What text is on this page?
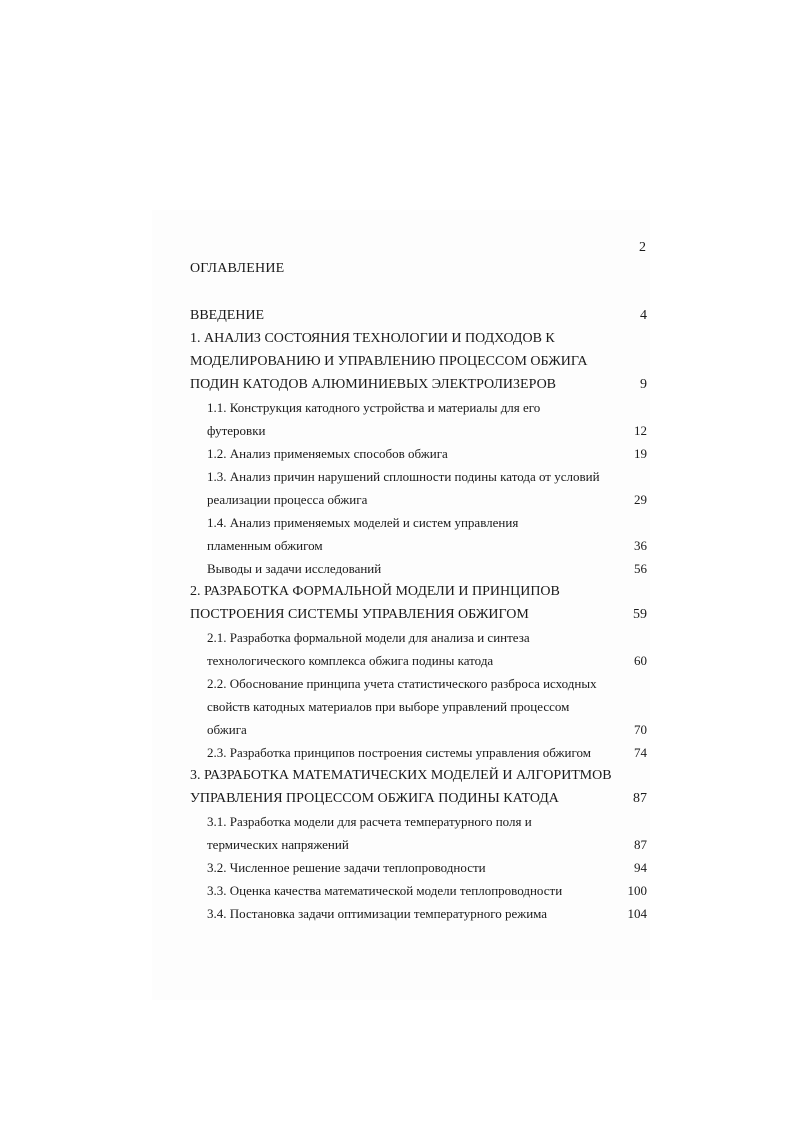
2
ОГЛАВЛЕНИЕ
ВВЕДЕНИЕ	4
1. АНАЛИЗ СОСТОЯНИЯ ТЕХНОЛОГИИ И ПОДХОДОВ К
МОДЕЛИРОВАНИЮ И УПРАВЛЕНИЮ ПРОЦЕССОМ ОБЖИГА
ПОДИН КАТОДОВ АЛЮМИНИЕВЫХ ЭЛЕКТРОЛИЗЕРОВ	9
1.1. Конструкция катодного устройства и материалы для его
футеровки	12
1.2. Анализ применяемых способов обжига	19
1.3. Анализ причин нарушений сплошности подины катода от условий
реализации процесса обжига	29
1.4. Анализ применяемых моделей и систем управления
пламенным обжигом	36
Выводы и задачи исследований	56
2. РАЗРАБОТКА ФОРМАЛЬНОЙ МОДЕЛИ И ПРИНЦИПОВ
ПОСТРОЕНИЯ СИСТЕМЫ УПРАВЛЕНИЯ ОБЖИГОМ	59
2.1. Разработка формальной модели для анализа и синтеза
технологического комплекса обжига подины катода	60
2.2. Обоснование принципа учета статистического разброса исходных
свойств катодных материалов при выборе управлений процессом
обжига	70
2.3. Разработка принципов построения системы управления обжигом	74
3. РАЗРАБОТКА МАТЕМАТИЧЕСКИХ МОДЕЛЕЙ И АЛГОРИТМОВ
УПРАВЛЕНИЯ ПРОЦЕССОМ ОБЖИГА ПОДИНЫ КАТОДА	87
3.1. Разработка модели для расчета температурного поля и
термических напряжений	87
3.2. Численное решение задачи теплопроводности	94
3.3. Оценка качества математической модели теплопроводности	100
3.4. Постановка задачи оптимизации температурного режима	104
